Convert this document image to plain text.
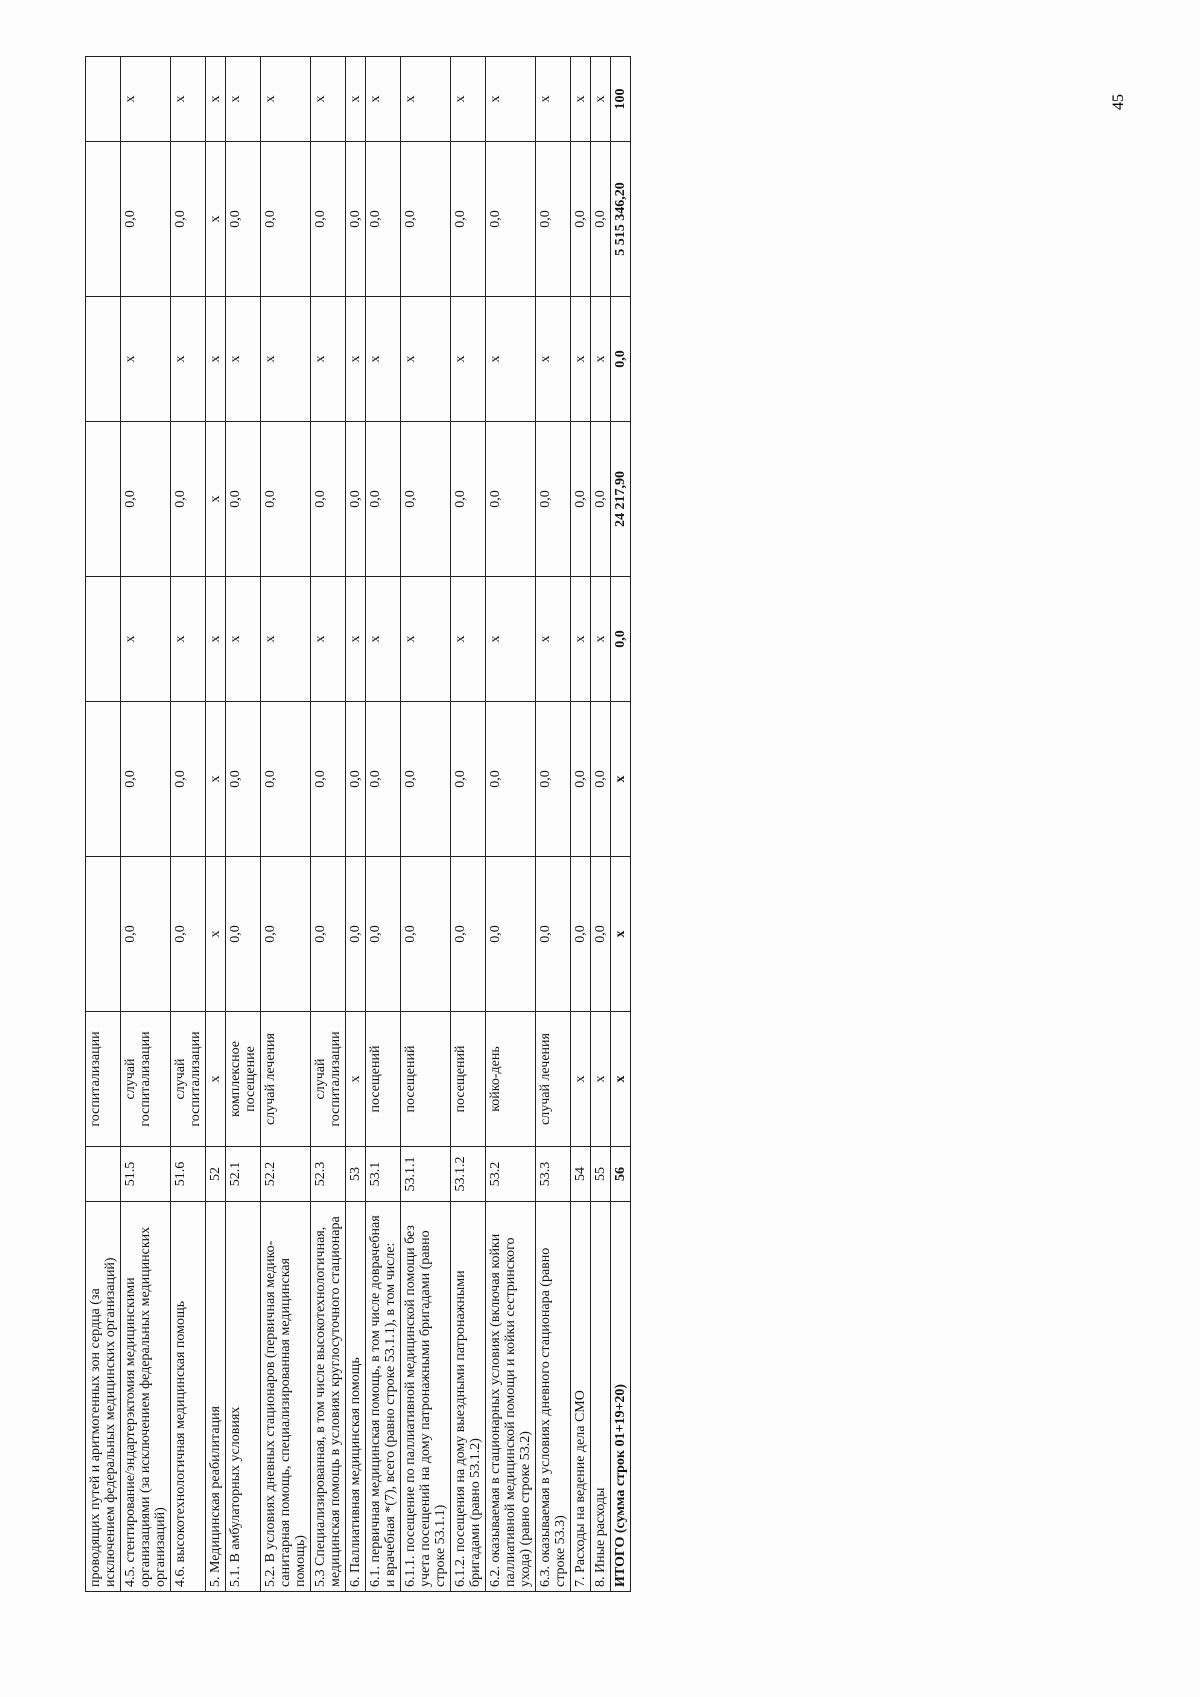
проводящих путей и аритмогенных зон сердца (за исключением федеральных медицинских организаций)		госпитализации							
4.5. стентирование/эндартерэктомия медицинскими организациями (за исключением федеральных медицинских организаций)	51.5	случай госпитализации	0,0	0,0	x	0,0	x	0,0	x
4.6. высокотехнологичная медицинская помощь	51.6	случай госпитализации	0,0	0,0	x	0,0	x	0,0	x
5. Медицинская реабилитация	52	x	x	x	x	x	x	x	x
5.1. В амбулаторных условиях	52.1	комплексное посещение	0,0	0,0	x	0,0	x	0,0	x
5.2. В условиях дневных стационаров (первичная медико-санитарная помощь, специализированная медицинская помощь)	52.2	случай лечения	0,0	0,0	x	0,0	x	0,0	x
5.3 Специализированная, в том числе высокотехнологичная, медицинская помощь в условиях круглосуточного стационара	52.3	случай госпитализации	0,0	0,0	x	0,0	x	0,0	x
6. Паллиативная медицинская помощь	53	x	0,0	0,0	x	0,0	x	0,0	x
6.1. первичная медицинская помощь, в том числе доврачебная и врачебная *(7), всего (равно строке 53.1.1), в том числе:	53.1	посещений	0,0	0,0	x	0,0	x	0,0	x
6.1.1. посещение по паллиативной медицинской помощи без учета посещений на дому патронажными бригадами (равно строке 53.1.1)	53.1.1	посещений	0,0	0,0	x	0,0	x	0,0	x
6.1.2. посещения на дому выездными патронажными бригадами (равно 53.1.2)	53.1.2	посещений	0,0	0,0	x	0,0	x	0,0	x
6.2. оказываемая в стационарных условиях (включая койки паллиативной медицинской помощи и койки сестринского ухода) (равно строке 53.2)	53.2	койко-день	0,0	0,0	x	0,0	x	0,0	x
6.3. оказываемая в условиях дневного стационара (равно строке 53.3)	53.3	случай лечения	0,0	0,0	x	0,0	x	0,0	x
7. Расходы на ведение дела СМО	54	x	0,0	0,0	x	0,0	x	0,0	x
8. Иные расходы	55	x	0,0	0,0	x	0,0	x	0,0	x
ИТОГО (сумма строк 01+19+20)	56	x	x	x	0,0	24 217,90	0,0	5 515 346,20	100	45
